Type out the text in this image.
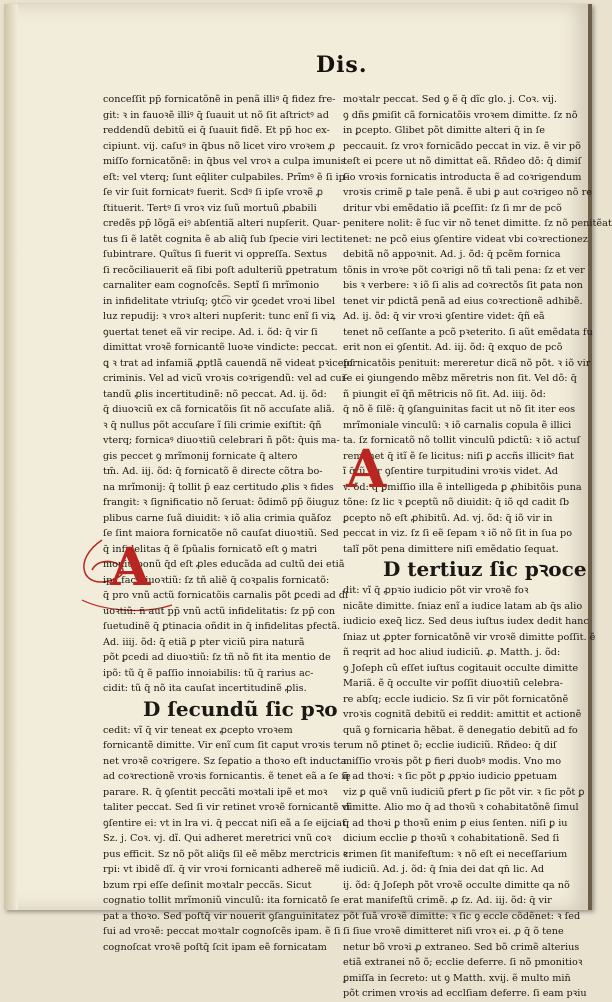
Dis.
conceſſit pp̄ fornicatõnẽ in penã illiꝰ q̄ fidez fre-
git: ꝛ in fauoꝛẽ illiꝰ q̄ ſuauit ut nõ ſit aſtrictꝰ ad
reddendũ debitũ ei q̄ ſuauit fidẽ. Et pp̄ hoc ex-
cipiunt. vij. caſuꝰ in q̄bus nõ licet viro vroꝛem ꝓ
miſſo fornicatõnẽ: in q̄bus vel vroꝛ a culpa imunis
eſt: vel vterq; ſunt eq̄liter culpabiles. Prĩmꝰ ẽ ſi ip-
ſe vir ſuit fornicatꝰ fuerit. Scdꝰ ſi ipſe vroꝛẽ ꝓ
ſtituerit. Tertꝰ ſi vroꝛ viz ſuũ mortuũ ꝓbabili
credẽs pp̄ lõgã eiꝰ abſentiã alteri nupſerit. Quar-
tus ſi ẽ latẽt cognita ẽ ab aliq̄ ſub ſpecie viri lecti
ſubintrare. Quĩtus ſi fuerit vi oppreſſa. Sextus
ſi recõciliauerit eã ſibi poſt adulteriũ ꝑpetratum
carnaliter eam cognoſcẽs. Septĩ ſi mrĩmonio
in infidelitate vtriuſq; ꝯtc͡o vir ꝯcedet vroꝛi libel
luz repudij: ꝛ vroꝛ alteri nupſerit: tunc enĩ ſi viꝝ
ꝯuertat tenet eã vir recipe. Ad. i. õd: q̄ vir ſi
dimittat vroꝛẽ fornicantẽ luoꝛe vindicte: peccat.
ꝗ ꝛ trat ad infamiã ꝓptlã cauendã nẽ videat pꝛicepſ
criminis. Vel ad vicũ vroꝛis coꝛrigendũ: vel ad cui-
tandũ ꝓlis incertitudinẽ: nõ peccat. Ad. ij. õd:
q̄ diuoꝛciũ ex cã fornicatõis ſit nõ accuſate aliã.
ꝛ q̄ nullus põt accuſare ĩ ſili crimie exiſtit: q̄ñ
vterq; fornicaꝰ diuoꝛtiũ celebrari ñ põt: q̄uis ma-
gis peccet ꝯ mrĩmonij fornicate q̄ altero
tm̄. Ad. iij. õd: q̄ fornicatõ ẽ directe cõtra bo-
na mrĩmonij: q̄ tollit p̄ eaz certitudo ꝓlis ꝛ fides
frangit: ꝛ ſignificatio nõ ſeruat: õdimõ pp̄ õiuguz
plibus carne ſuã diuidit: ꝛ iõ alia crimia quãſoz
ſe ſint maiora fornicatõe nõ cauſat diuoꝛtiũ. Sed
q̄ infidelitas q̄ ẽ ſpũalis fornicatõ eſt ꝯ matri
moniũ bonũ q̄d eſt ꝓles educãda ad cultũ dei etiã
ipa fac diuoꝛtiũ: ſz tñ aliẽ q̄ coꝛpalis fornicatõ:
q̄ pro vnũ actũ fornicatõis carnalis põt ꝑcedi ad di
uoꝛtiũ: n̄ aut pp̄ vnũ actũ infidelitatis: ſz pp̄ con
ſuetudinẽ q̄ ꝑtinacia oñdit in q̄ infidelitas pfectã.
Ad. iiij. õd: q̄ etiã ꝑ pter viciũ pira naturã
põt ꝑcedi ad diuoꝛtiũ: ſz tñ nõ fit ita mentio de
ipõ: tũ q̄ ẽ paſſio innoiabilis: tũ q̄ rarius ac-
cidit: tũ q̄ nõ ita cauſat incertitudinẽ ꝓlis.
D ſecundũ ſic pꝛo
cedit: vĩ q̄ vir teneat ex ꝓcepto vroꝛem
fornicantẽ dimitte. Vir enĩ cum ſit caput vroꝛis te
net vroꝛẽ coꝛrigere. Sz ſeꝑatio a thoꝛo eſt inducta
ad coꝛrectionẽ vroꝛis fornicantis. ẽ tenet eã a ſe ſe
parare. R. q̄ ꝯſentit peccãti moꝛtali ipẽ et moꝛ
taliter peccat. Sed ſi vir retinet vroꝛẽ fornicantẽ vĩ
ꝯſentire ei: vt in lra vi. q̄ peccat niſi eã a ſe eijciat.
Sz. j. Coꝛ. vj. dĩ. Qui adheret meretrici vnũ coꝛ
pus efficit. Sz nõ põt aliq̄s ſil eẽ mẽbz merctricis ꝛ
rpi: vt ibidẽ dĩ. q̄ vir vroꝛi fornicanti adhereẽ mẽ
bzum rpi eſſe deſinit moꝛtalr peccãs. Sicut
cognatio tollit mrĩmoniũ vinculũ: ita fornicatõ ſe
pat a thoꝛo. Sed poſtq̄ vir nouerit ꝯſanguinitatez
ſui ad vroꝛẽ: peccat moꝛtalr cognoſcẽs ipam. ẽ ſi
cognoſcat vroꝛẽ poſtq̄ ſcit ipam eẽ fornicatam
A
moꝛtalr peccat. Sed ꝯ ẽ q̄ dĩc glo. j. Coꝛ. vij.
ꝯ dñs ꝑmiſit cã fornicatõis vroꝛem dimitte. ſz nõ
in ꝑcepto. Glibet põt dimitte alteri q̄ in ſe
peccauit. ſz vroꝛ fornicãdo peccat in viz. ẽ vir põ
teſt ei pcere ut nõ dimittat eã. Rñdeo dõ: q̄ dimiſ
ſio vroꝛis fornicatis introducta ẽ ad coꝛrigendum
vroꝛis crimẽ ꝑ tale penã. ẽ ubi ꝑ aut coꝛrigeo nõ re
dritur vbi emẽdatio iã ꝑceſſit: ſz ſi mr de pcõ
penitere nolit: ẽ ſuc vir nõ tenet dimitte. ſz nõ penitẽat
tenet: ne pcõ eius ꝯſentire videat vbi coꝛrectionez
debitã nõ appoꝛnit. Ad. j. õd: q̄ pcẽm fornica
tõnis in vroꝛe põt coꝛrigi nõ tñ tali pena: ſz et ver
bis ꝛ verbere: ꝛ iõ ſi alis ad coꝛrectõs ſit ꝑata non
tenet vir pdictã penã ad eius coꝛrectionẽ adhibẽ.
Ad. ij. õd: q̄ vir vroꝛi ꝯſentire videt: q̄ñ eã
tenet nõ ceſſante a pcõ pꝛeterito. ſi aũt emẽdata fu
erit non ei ꝯſentit. Ad. iij. õd: q̄ exquo de pcõ
fornicatõis penituit: mereretur dicã nõ põt. ꝛ iõ vir
ſe ei ꝯiungendo mẽbz mẽretris non ſit. Vel dõ: q̄
ñ piungit eĩ q̄ñ mẽtricis nõ ſit. Ad. iiij. õd:
q̄ nõ ẽ ſilẽ: q̄ ꝯſanguinitas facit ut nõ ſit iter eos
mrĩmoniale vinculũ: ꝛ iõ carnalis copula ẽ illici
ta. ſz fornicatõ nõ tollit vinculũ pdictũ: ꝛ iõ actuſ
remanet q̄ itĩ ẽ ſe licitus: niſi ꝑ accñs illicitꝰ fiat
ĩ q̄tũ vir ꝯſentire turpitudini vroꝛis videt. Ad
v. õd: q̄ ꝑmiſſio illa ẽ intelligeda ꝑ ꝓhibitõis puna
tõne: ſz lic ꝛ ꝑceptũ nõ diuidit: q̄ iõ qd cadit ſb
ꝑcepto nõ eſt ꝓhibitũ. Ad. vj. õd: q̄ iõ vir in
peccat in viz. ſz ſi eẽ ſepam ꝛ iõ nõ ſit in ſua po
talĩ põt pena dimittere niſi emẽdatio ſequat.
D tertiuz ſic pꝛoce
dit: vĩ q̄ ꝓpꝛio iudicio põt vir vroꝛẽ foꝛ
nicãte dimitte. ſniaz enĩ a iudice latam ab q̄s alio
iudicio exeq̄ licz. Sed deus iuſtus iudex dedit hanc
ſniaz ut ꝓpter fornicatõnẽ vir vroꝛẽ dimitte poſſit. ẽ
ñ reqrit ad hoc aliud iudiciũ. ꝓ. Matth. j. õd:
ꝯ Joſeph cũ eſſet iuſtus cogitauit occulte dimitte
Mariã. ẽ q̄ occulte vir poſſit diuoꝛtiũ celebra-
re abſq; eccle iudicio. Sz ſi vir põt fornicatõnẽ
vroꝛis cognitã debitũ ei reddit: amittit et actionẽ
quã ꝯ fornicaria hẽbat. ẽ denegatio debitũ ad fo
rum nõ ꝑtinet õ; ecclie iudiciũ. Rñdeo: q̄ diſ
miſſio vroꝛis põt ꝑ fieri duobꝰ modis. Vno mo
q̄ ad thoꝛi: ꝛ ſic põt ꝑ ꝓpꝛio iudicio ꝑpetuam
viz ꝑ quẽ vnũ iudiciũ ꝑfert ꝑ ſic põt vir. ꝛ ſic põt ꝑ
dimitte. Alio mo q̄ ad thoꝛũ ꝛ cohabitatõnẽ ſimul
q̄ ad thoꝛi ꝑ thoꝛũ enim ꝑ eius ſenten. niſi ꝑ iu
dicium ecclie ꝑ thoꝛũ ꝛ cohabitationẽ. Sed ſi
crimen ſit manifeſtum: ꝛ nõ eſt ei neceſſarium
iudiciũ. Ad. j. õd: q̄ ſnia dei dat qn̄ lic. Ad
ij. õd: q̄ Joſeph põt vroꝛẽ occulte dimitte qa nõ
erat manifeſtũ crimẽ. ꝓ ſz. Ad. iij. õd: q̄ vir
põt ſuã vroꝛẽ dimitte: ꝛ ſic ꝯ eccle cõdẽnet: ꝛ ſed
ſi ſiue vroꝛẽ dimitteret niſi vroꝛ ei. ꝓ q̄ õ tene
netur bõ vroꝛi ꝓ extraneo. Sed bõ crimẽ alterius
etiã extranei nõ õ; ecclie deferre. ſi nõ pmonitioꝛ
ꝑmiſſa in ſecreto: ut ꝯ Matth. xvij. ẽ multo min̄
põt crimen vroꝛis ad ecclſiam deferre. ſi eam pꝛiu
A
